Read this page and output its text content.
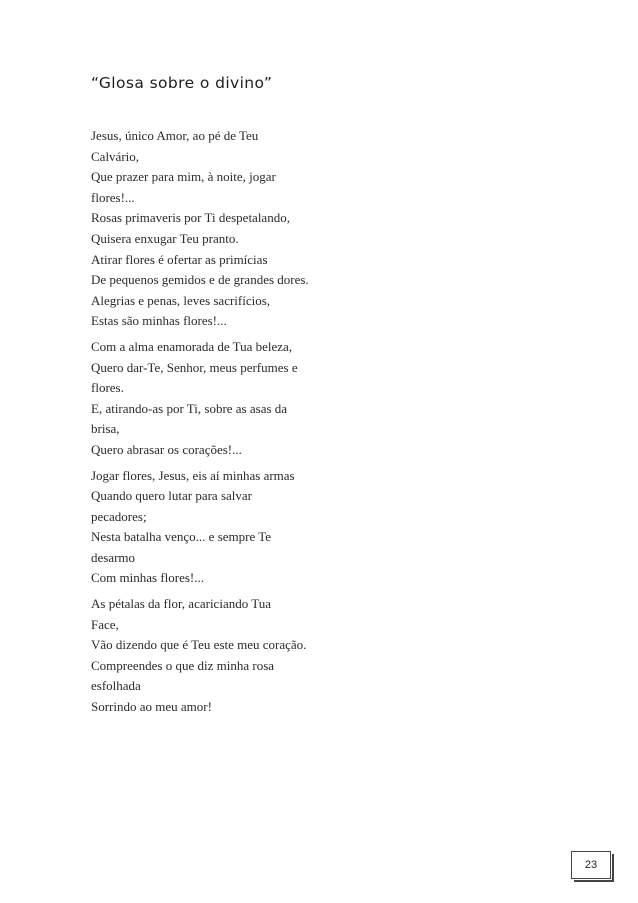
“Glosa sobre o divino”
Jesus, único Amor, ao pé de Teu
Calvário,
Que prazer para mim, à noite, jogar
flores!...
Rosas primaveris por Ti despetalando,
Quisera enxugar Teu pranto.
Atirar flores é ofertar as primícias
De pequenos gemidos e de grandes dores.
Alegrias e penas, leves sacrifícios,
Estas são minhas flores!...
Com a alma enamorada de Tua beleza,
Quero dar-Te, Senhor, meus perfumes e
flores.
E, atirando-as por Ti, sobre as asas da
brisa,
Quero abrasar os corações!...
Jogar flores, Jesus, eis aí minhas armas
Quando quero lutar para salvar
pecadores;
Nesta batalha venço... e sempre Te
desarmo
Com minhas flores!...
As pétalas da flor, acariciando Tua
Face,
Vão dizendo que é Teu este meu coração.
Compreendes o que diz minha rosa
esfolhada
Sorrindo ao meu amor!
23
